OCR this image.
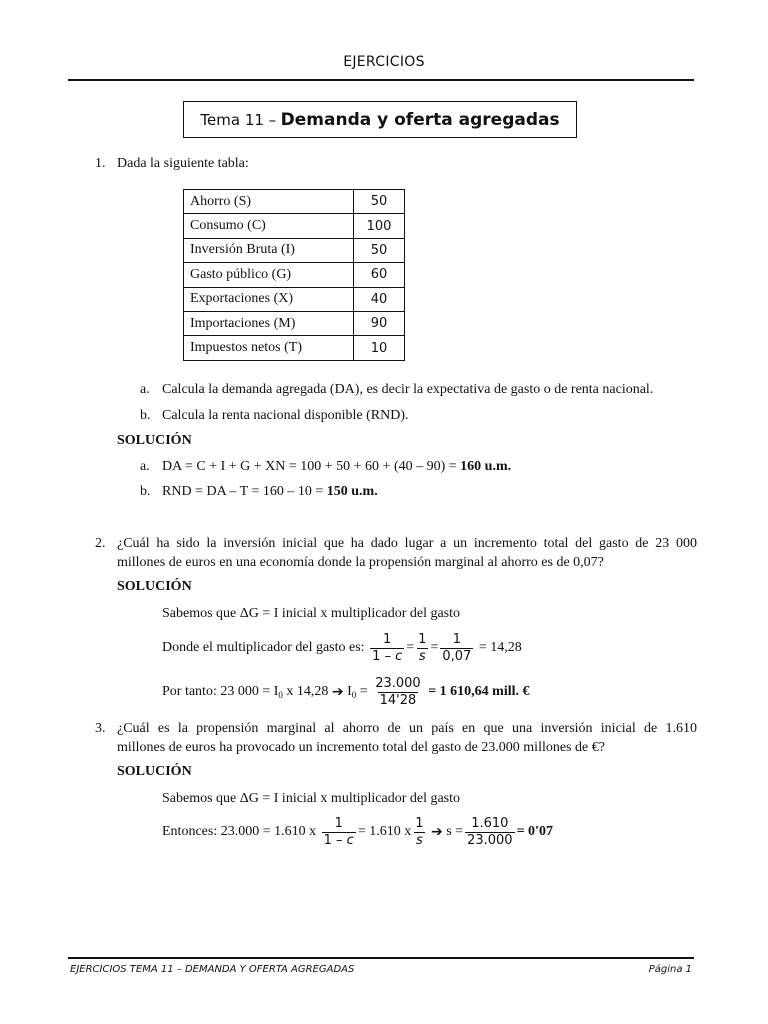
EJERCICIOS
Tema 11 –
Demanda y oferta agregadas
1. Dada la siguiente tabla:
Ahorro (S)	50
Consumo (C)	100
Inversión Bruta (I)	50
Gasto público (G)	60
Exportaciones (X)	40
Importaciones (M)	90
Impuestos netos (T)	10
a. Calcula la demanda agregada (DA), es decir la expectativa de gasto o de renta nacional.
b. Calcula la renta nacional disponible (RND).
SOLUCIÓN
a. DA = C + I + G + XN = 100 + 50 + 60 + (40 – 90) = 160 u.m.
b. RND = DA – T = 160 – 10 = 150 u.m.
2. ¿Cuál ha sido la inversión inicial que ha dado lugar a un incremento total del gasto de 23 000
millones de euros en una economía donde la propensión marginal al ahorro es de 0,07?
SOLUCIÓN
Sabemos que ΔG = I inicial x multiplicador del gasto
Donde el multiplicador del gasto es:
$\frac{1}{1 - c} = \frac{1}{s} = \frac{1}{0,07}$
= 14,28
Por tanto: 23 000 = I 0 x 14,28 ➔ I 0 =
$\frac{23.000}{14'28}$
= 1 610,64 mill. €
3. ¿Cuál es la propensión marginal al ahorro de un país en que una inversión inicial de 1.610
millones de euros ha provocado un incremento total del gasto de 23.000 millones de €?
SOLUCIÓN
Sabemos que ΔG = I inicial x multiplicador del gasto
Entonces: 23.000 = 1.610 x
$\frac{1}{1 - c} = 1.610$ x $\frac{1}{s}$
➔
$s = \frac{1.610}{23.000} = 0'07$
EJERCICIOS TEMA 11 – DEMANDA Y OFERTA AGREGADAS	Página 1
